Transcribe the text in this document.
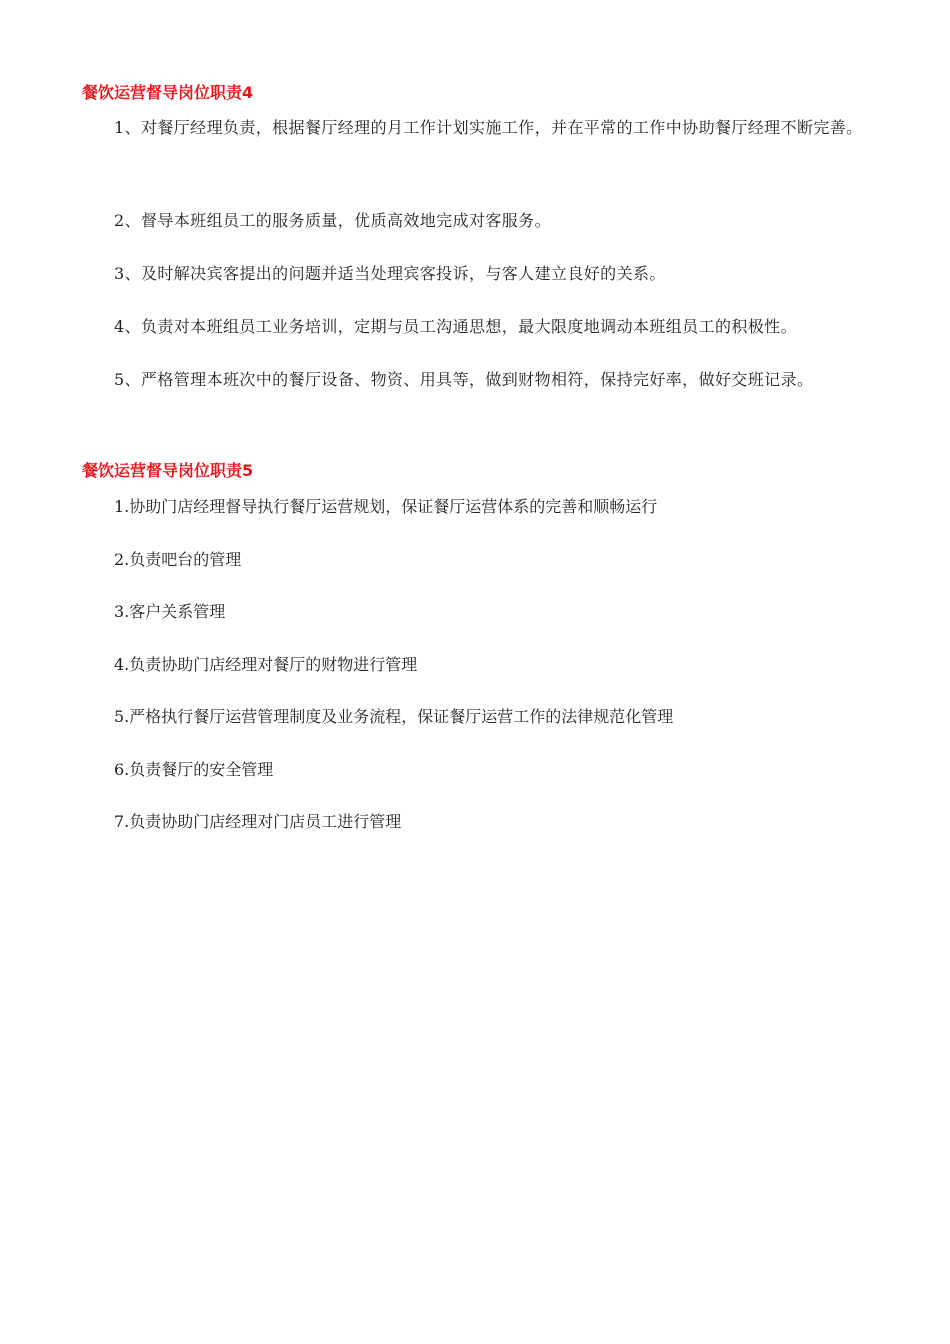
餐饮运营督导岗位职责4
1、对餐厅经理负责，根据餐厅经理的月工作计划实施工作，并在平常的工作中协助餐厅经理不断完善。
2、督导本班组员工的服务质量，优质高效地完成对客服务。
3、及时解决宾客提出的问题并适当处理宾客投诉，与客人建立良好的关系。
4、负责对本班组员工业务培训，定期与员工沟通思想，最大限度地调动本班组员工的积极性。
5、严格管理本班次中的餐厅设备、物资、用具等，做到财物相符，保持完好率，做好交班记录。
餐饮运营督导岗位职责5
1.协助门店经理督导执行餐厅运营规划，保证餐厅运营体系的完善和顺畅运行
2.负责吧台的管理
3.客户关系管理
4.负责协助门店经理对餐厅的财物进行管理
5.严格执行餐厅运营管理制度及业务流程，保证餐厅运营工作的法律规范化管理
6.负责餐厅的安全管理
7.负责协助门店经理对门店员工进行管理
